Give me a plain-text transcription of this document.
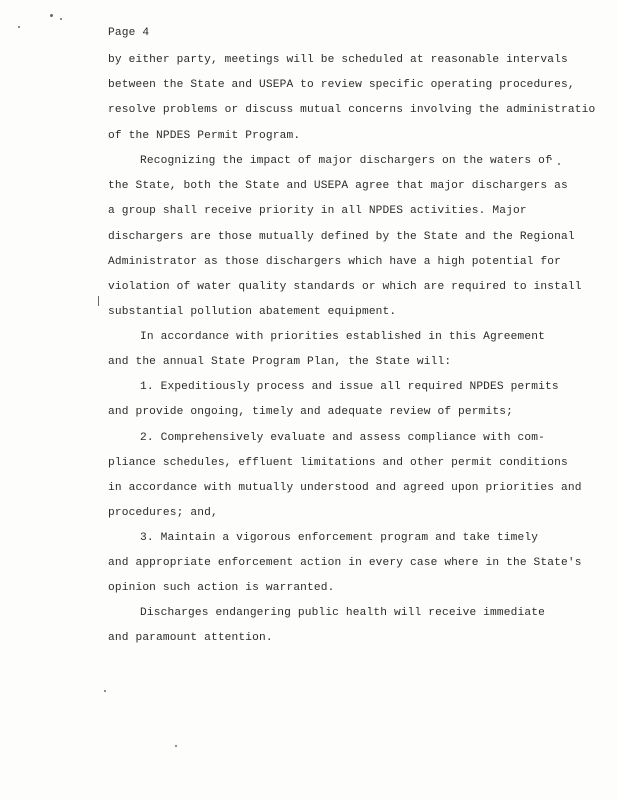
Page 4
by either party, meetings will be scheduled at reasonable intervals
between the State and USEPA to review specific operating procedures,
resolve problems or discuss mutual concerns involving the administratio
of the NPDES Permit Program.
Recognizing the impact of major dischargers on the waters of
the State, both the State and USEPA agree that major dischargers as
a group shall receive priority in all NPDES activities. Major
dischargers are those mutually defined by the State and the Regional
Administrator as those dischargers which have a high potential for
violation of water quality standards or which are required to install
substantial pollution abatement equipment.
In accordance with priorities established in this Agreement
and the annual State Program Plan, the State will:
1. Expeditiously process and issue all required NPDES permits
and provide ongoing, timely and adequate review of permits;
2. Comprehensively evaluate and assess compliance with com-
pliance schedules, effluent limitations and other permit conditions
in accordance with mutually understood and agreed upon priorities and
procedures; and,
3. Maintain a vigorous enforcement program and take timely
and appropriate enforcement action in every case where in the State's
opinion such action is warranted.
Discharges endangering public health will receive immediate
and paramount attention.
